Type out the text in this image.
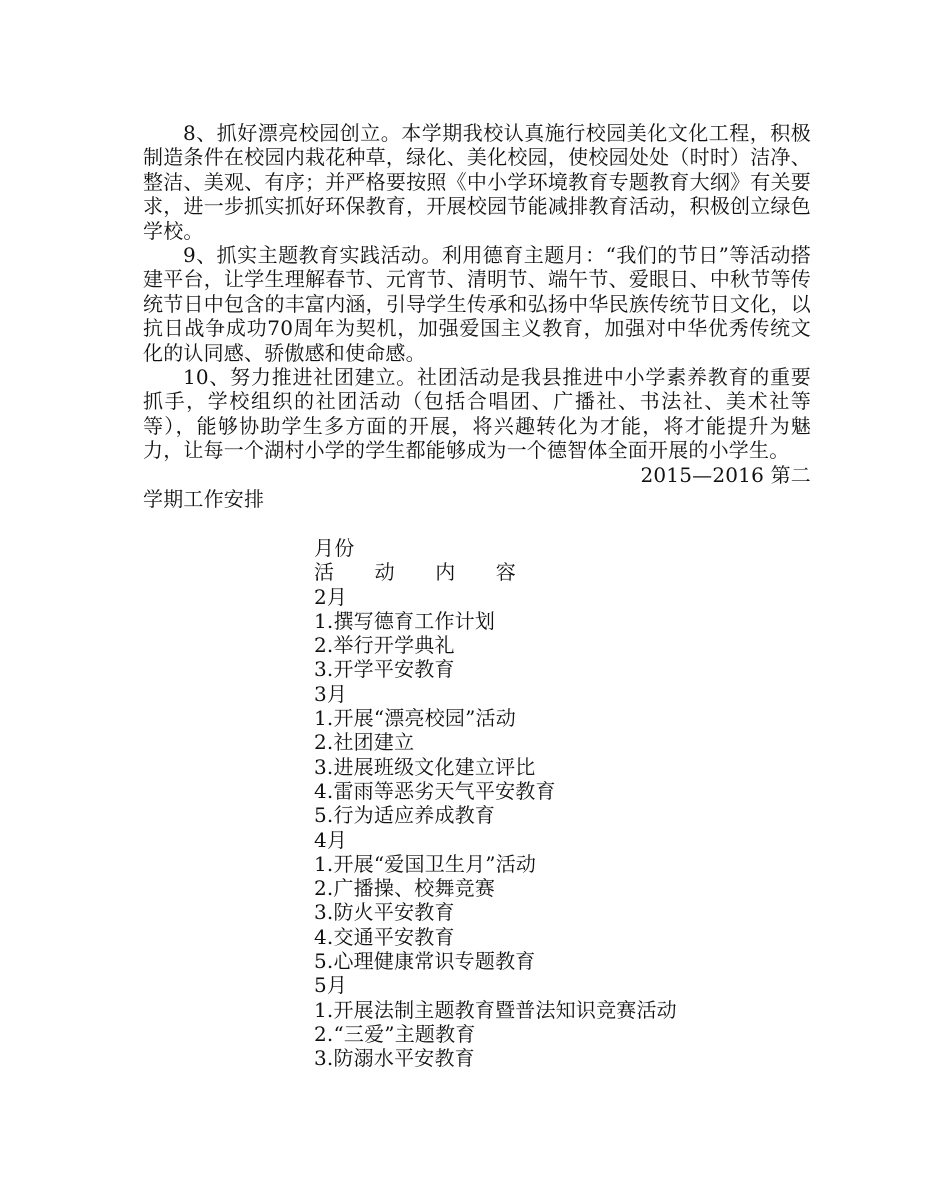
8、抓好漂亮校园创立。本学期我校认真施行校园美化文化工程，积极制造条件在校园内栽花种草，绿化、美化校园，使校园处处（时时）洁净、整洁、美观、有序；并严格要按照《中小学环境教育专题教育大纲》有关要求，进一步抓实抓好环保教育，开展校园节能减排教育活动，积极创立绿色学校。

9、抓实主题教育实践活动。利用德育主题月：“我们的节日”等活动搭建平台，让学生理解春节、元宵节、清明节、端午节、爱眼日、中秋节等传统节日中包含的丰富内涵，引导学生传承和弘扬中华民族传统节日文化，以抗日战争成功70周年为契机，加强爱国主义教育，加强对中华优秀传统文化的认同感、骄傲感和使命感。

10、努力推进社团建立。社团活动是我县推进中小学素养教育的重要抓手，学校组织的社团活动（包括合唱团、广播社、书法社、美术社等等），能够协助学生多方面的开展，将兴趣转化为才能，将才能提升为魅力，让每一个湖村小学的学生都能够成为一个德智体全面开展的小学生。

2015—2016 第二

学期工作安排

月份
活　　动　　内　　容
2月
1.撰写德育工作计划
2.举行开学典礼
3.开学平安教育
3月
1.开展“漂亮校园”活动
2.社团建立
3.进展班级文化建立评比
4.雷雨等恶劣天气平安教育
5.行为适应养成教育
4月
1.开展“爱国卫生月”活动
2.广播操、校舞竞赛
3.防火平安教育
4.交通平安教育
5.心理健康常识专题教育
5月
1.开展法制主题教育暨普法知识竞赛活动
2.“三爱”主题教育
3.防溺水平安教育
